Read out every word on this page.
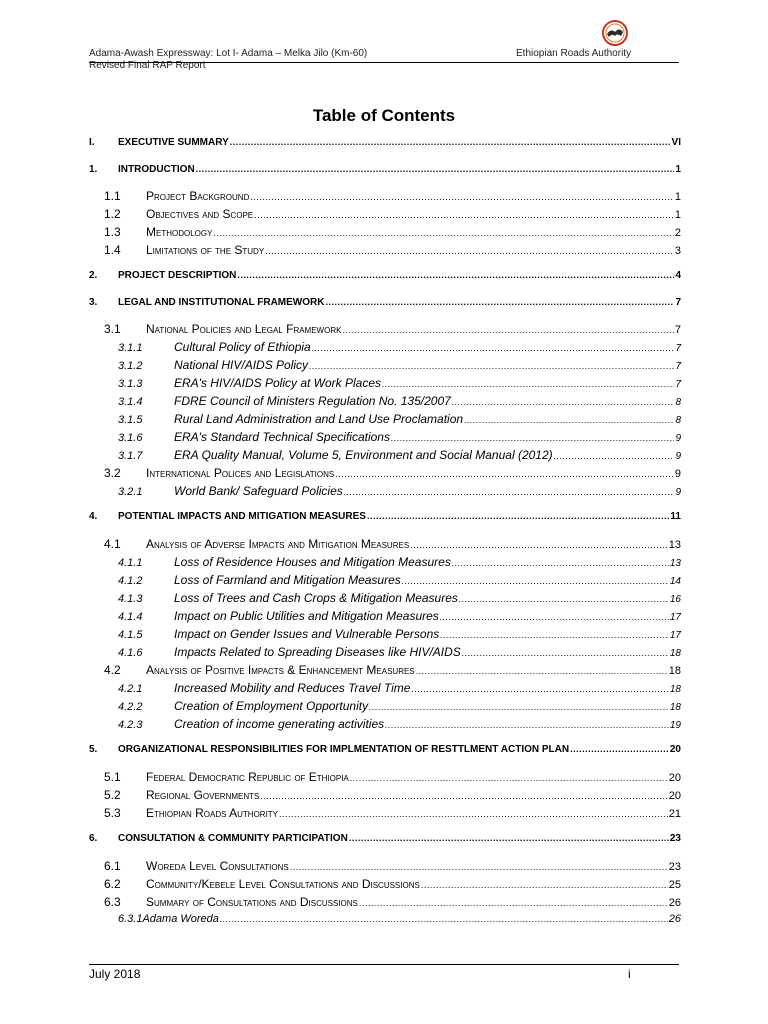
Adama-Awash Expressway: Lot I- Adama – Melka Jilo (Km-60)
Revised Final RAP Report
Ethiopian Roads Authority
Table of Contents
I.	EXECUTIVE SUMMARY .....	VI
1.	INTRODUCTION .....	1
1.1	Project Background .....	1
1.2	Objectives and Scope .....	1
1.3	Methodology .....	2
1.4	Limitations of the Study .....	3
2.	PROJECT DESCRIPTION .....	4
3.	LEGAL AND INSTITUTIONAL FRAMEWORK .....	7
3.1	National Policies and Legal Framework .....	7
3.1.1	Cultural Policy of Ethiopia .....	7
3.1.2	National HIV/AIDS Policy .....	7
3.1.3	ERA's HIV/AIDS Policy at Work Places .....	7
3.1.4	FDRE Council of Ministers Regulation No. 135/2007 .....	8
3.1.5	Rural Land Administration and Land Use Proclamation .....	8
3.1.6	ERA's Standard Technical Specifications .....	9
3.1.7	ERA Quality Manual, Volume 5, Environment and Social Manual (2012) .....	9
3.2	International Polices and Legislations .....	9
3.2.1	World Bank/ Safeguard Policies .....	9
4.	POTENTIAL IMPACTS AND MITIGATION MEASURES .....	11
4.1	Analysis of Adverse Impacts and Mitigation Measures .....	13
4.1.1	Loss of Residence Houses and Mitigation Measures .....	13
4.1.2	Loss of Farmland and Mitigation Measures .....	14
4.1.3	Loss of Trees and Cash Crops & Mitigation Measures .....	16
4.1.4	Impact on Public Utilities and Mitigation Measures .....	17
4.1.5	Impact on Gender Issues and Vulnerable Persons .....	17
4.1.6	Impacts Related to Spreading Diseases like HIV/AIDS .....	18
4.2	Analysis of Positive Impacts & Enhancement Measures .....	18
4.2.1	Increased Mobility and Reduces Travel Time .....	18
4.2.2	Creation of Employment Opportunity .....	18
4.2.3	Creation of income generating activities .....	19
5.	ORGANIZATIONAL RESPONSIBILITIES FOR IMPLMENTATION OF RESTTLMENT ACTION PLAN .....	20
5.1	Federal Democratic Republic of Ethiopia .....	20
5.2	Regional Governments .....	20
5.3	Ethiopian Roads Authority .....	21
6.	CONSULTATION & COMMUNITY PARTICIPATION .....	23
6.1	Woreda Level Consultations .....	23
6.2	Community/Kebele Level Consultations and Discussions .....	25
6.3	Summary of Consultations and Discussions .....	26
6.3.1 Adama Woreda .....	26
July 2018	i
